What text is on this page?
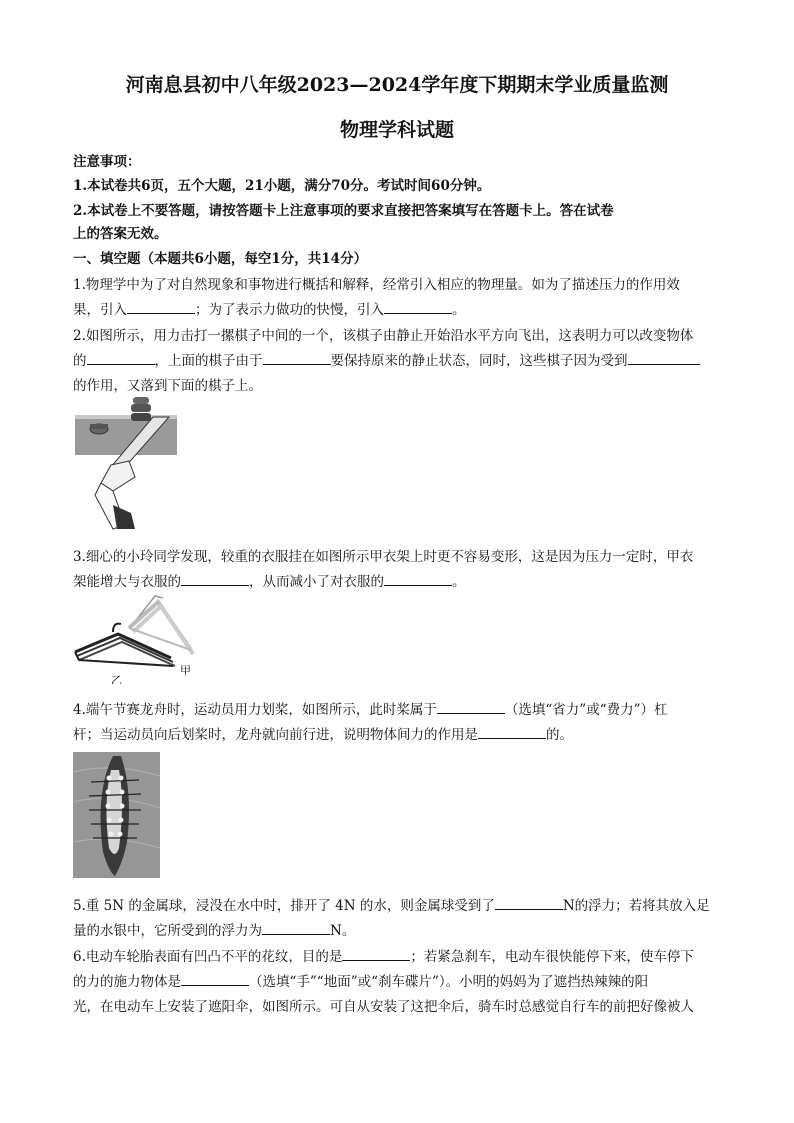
河南息县初中八年级2023—2024学年度下期期末学业质量监测
物理学科试题
注意事项：
1.本试卷共6页，五个大题，21小题，满分70分。考试时间60分钟。
2.本试卷上不要答题，请按答题卡上注意事项的要求直接把答案填写在答题卡上。答在试卷
上的答案无效。
一、填空题（本题共6小题，每空1分，共14分）
1.物理学中为了对自然现象和事物进行概括和解释，经常引入相应的物理量。如为了描述压力的作用效
果，引入	；为了表示力做功的快慢，引入	。
2.如图所示，用力击打一摞棋子中间的一个，该棋子由静止开始沿水平方向飞出，这表明力可以改变物体
的	，上面的棋子由于	要保持原来的静止状态，同时，这些棋子因为受到
的作用，又落到下面的棋子上。
3.细心的小玲同学发现，较重的衣服挂在如图所示甲衣架上时更不容易变形，这是因为压力一定时，甲衣
架能增大与衣服的	，从而减小了对衣服的	。
甲
乙
4.端午节赛龙舟时，运动员用力划桨，如图所示，此时桨属于	（选填“省力”或“费力”）杠
杆；当运动员向后划桨时，龙舟就向前行进，说明物体间力的作用是	的。
5.重 5N 的金属球，浸没在水中时，排开了 4N 的水，则金属球受到了	N的浮力；若将其放入足
量的水银中，它所受到的浮力为	N。
6.电动车轮胎表面有凹凸不平的花纹，目的是	；若紧急刹车，电动车很快能停下来，使车停下
的力的施力物体是	（选填“手”“地面”或“刹车碟片”）。小明的妈妈为了遮挡热辣辣的阳
光，在电动车上安装了遮阳伞，如图所示。可自从安装了这把伞后，骑车时总感觉自行车的前把好像被人
